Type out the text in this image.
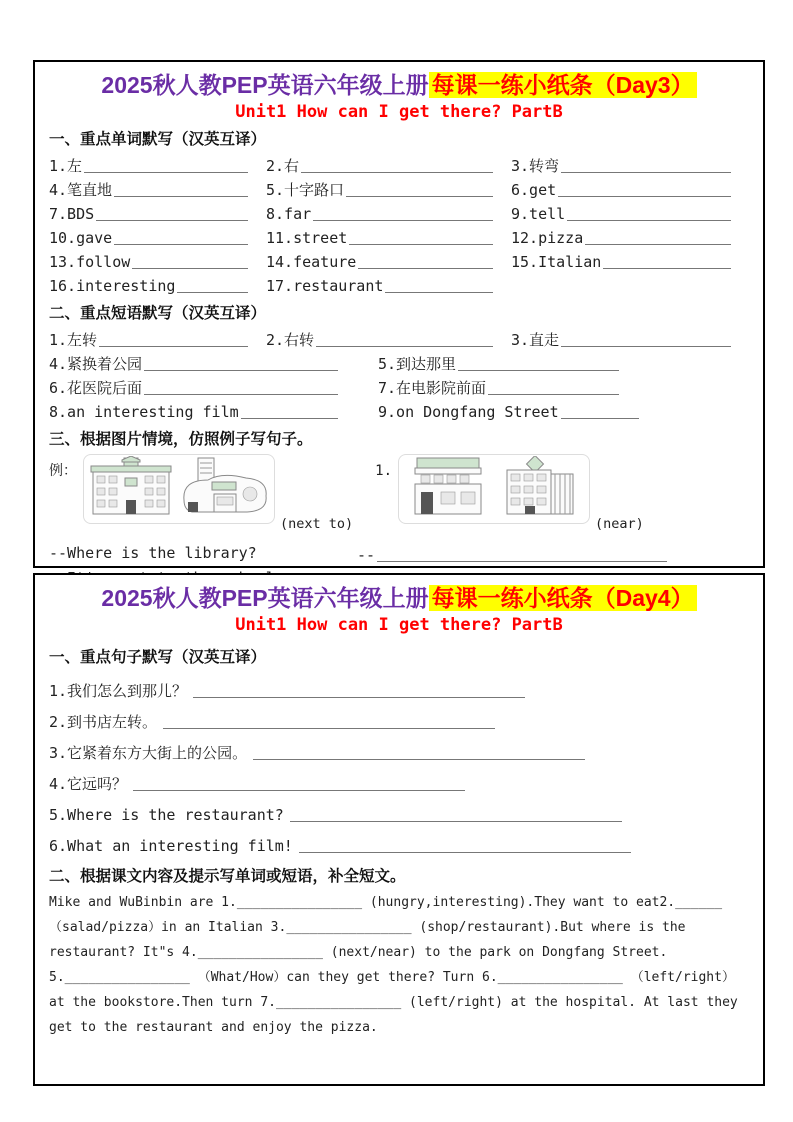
2025秋人教PEP英语六年级上册 每课一练小纸条（Day3）
Unit1 How can I get there? PartB
一、重点单词默写（汉英互译）
1.左	2.右	3.转弯
4.笔直地	5.十字路口	6.get
7.BDS	8.far	9.tell
10.gave	11.street	12.pizza
13.follow	14.feature	15.Italian
16.interesting	17.restaurant
二、重点短语默写（汉英互译）
1.左转	2.右转	3.直走
4.紧换着公园	5.到达那里
6.花医院后面	7.在电影院前面
8.an interesting film	9.on Dongfang Street
三、根据图片情境，仿照例子写句子。
例：
(next to)
1.
(near)
--Where is the library?	--
2025秋人教PEP英语六年级上册 每课一练小纸条（Day4）
Unit1 How can I get there? PartB
一、重点句子默写（汉英互译）
1.我们怎么到那儿？
2.到书店左转。
3.它紧着东方大街上的公园。
4.它远吗？
5.Where is the restaurant?
6.What an interesting film!
二、根据课文内容及提示写单词或短语，补全短文。
Mike and WuBinbin are 1.________________ (hungry,interesting).They want to eat2.______
（salad/pizza）in an Italian 3.________________ (shop/restaurant).But where is the
restaurant? It"s 4.________________ (next/near) to the park on Dongfang Street.
5.________________ （What/How）can they get there? Turn 6.________________ （left/right）
at the bookstore.Then turn 7.________________ (left/right) at the hospital. At last they
get to the restaurant and enjoy the pizza.
